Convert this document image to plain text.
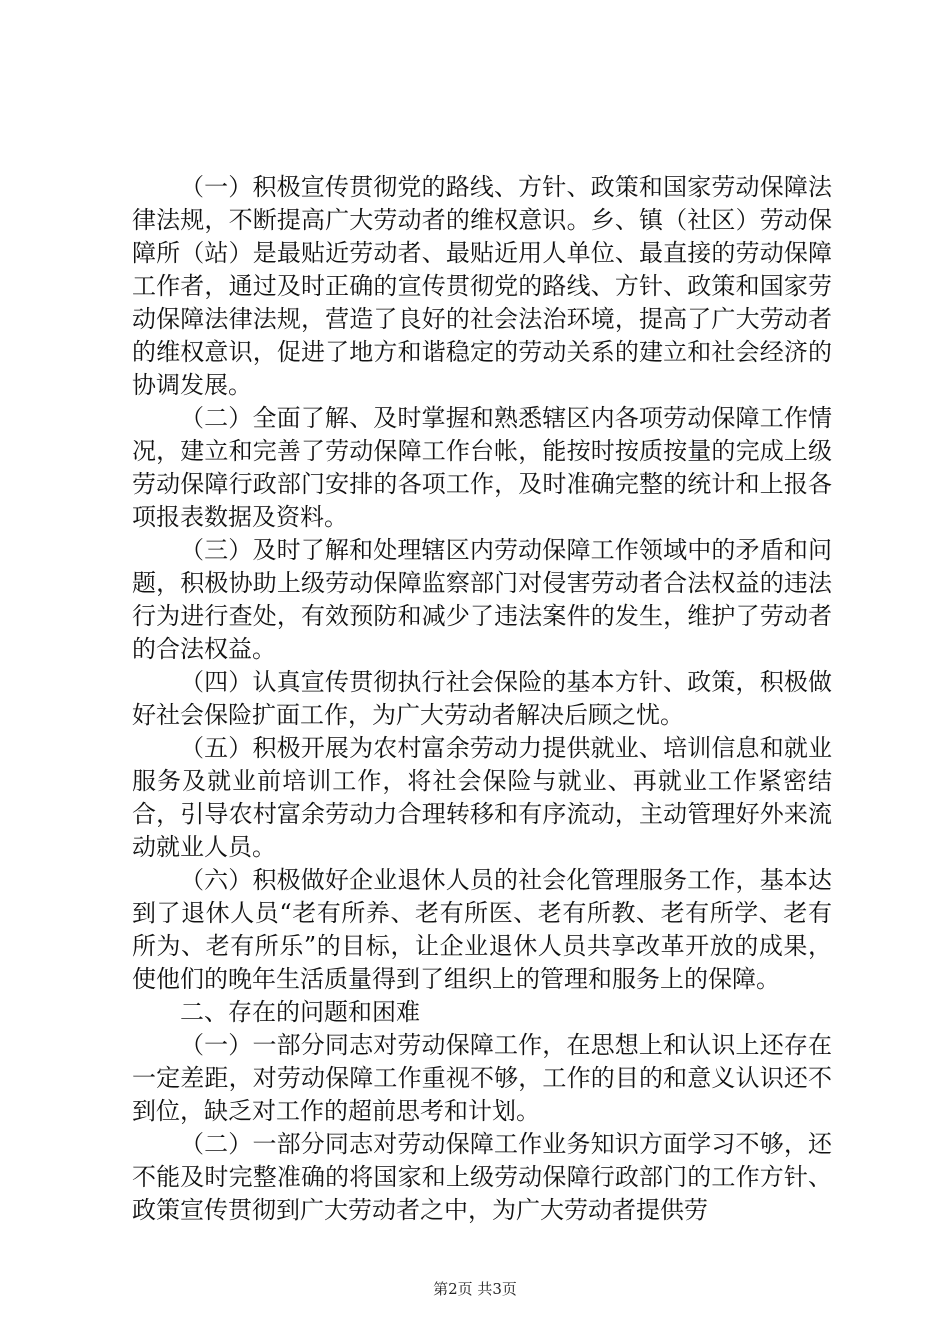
（一）积极宣传贯彻党的路线、方针、政策和国家劳动保障法律法规，不断提高广大劳动者的维权意识。乡、镇（社区）劳动保障所（站）是最贴近劳动者、最贴近用人单位、最直接的劳动保障工作者，通过及时正确的宣传贯彻党的路线、方针、政策和国家劳动保障法律法规，营造了良好的社会法治环境，提高了广大劳动者的维权意识，促进了地方和谐稳定的劳动关系的建立和社会经济的协调发展。

（二）全面了解、及时掌握和熟悉辖区内各项劳动保障工作情况，建立和完善了劳动保障工作台帐，能按时按质按量的完成上级劳动保障行政部门安排的各项工作，及时准确完整的统计和上报各项报表数据及资料。

（三）及时了解和处理辖区内劳动保障工作领域中的矛盾和问题，积极协助上级劳动保障监察部门对侵害劳动者合法权益的违法行为进行查处，有效预防和减少了违法案件的发生，维护了劳动者的合法权益。

（四）认真宣传贯彻执行社会保险的基本方针、政策，积极做好社会保险扩面工作，为广大劳动者解决后顾之忧。

（五）积极开展为农村富余劳动力提供就业、培训信息和就业服务及就业前培训工作，将社会保险与就业、再就业工作紧密结合，引导农村富余劳动力合理转移和有序流动，主动管理好外来流动就业人员。

（六）积极做好企业退休人员的社会化管理服务工作，基本达到了退休人员“老有所养、老有所医、老有所教、老有所学、老有所为、老有所乐”的目标，让企业退休人员共享改革开放的成果，使他们的晚年生活质量得到了组织上的管理和服务上的保障。

二、存在的问题和困难

（一）一部分同志对劳动保障工作，在思想上和认识上还存在一定差距，对劳动保障工作重视不够，工作的目的和意义认识还不到位，缺乏对工作的超前思考和计划。

（二）一部分同志对劳动保障工作业务知识方面学习不够，还不能及时完整准确的将国家和上级劳动保障行政部门的工作方针、政策宣传贯彻到广大劳动者之中，为广大劳动者提供劳

第2页 共3页
